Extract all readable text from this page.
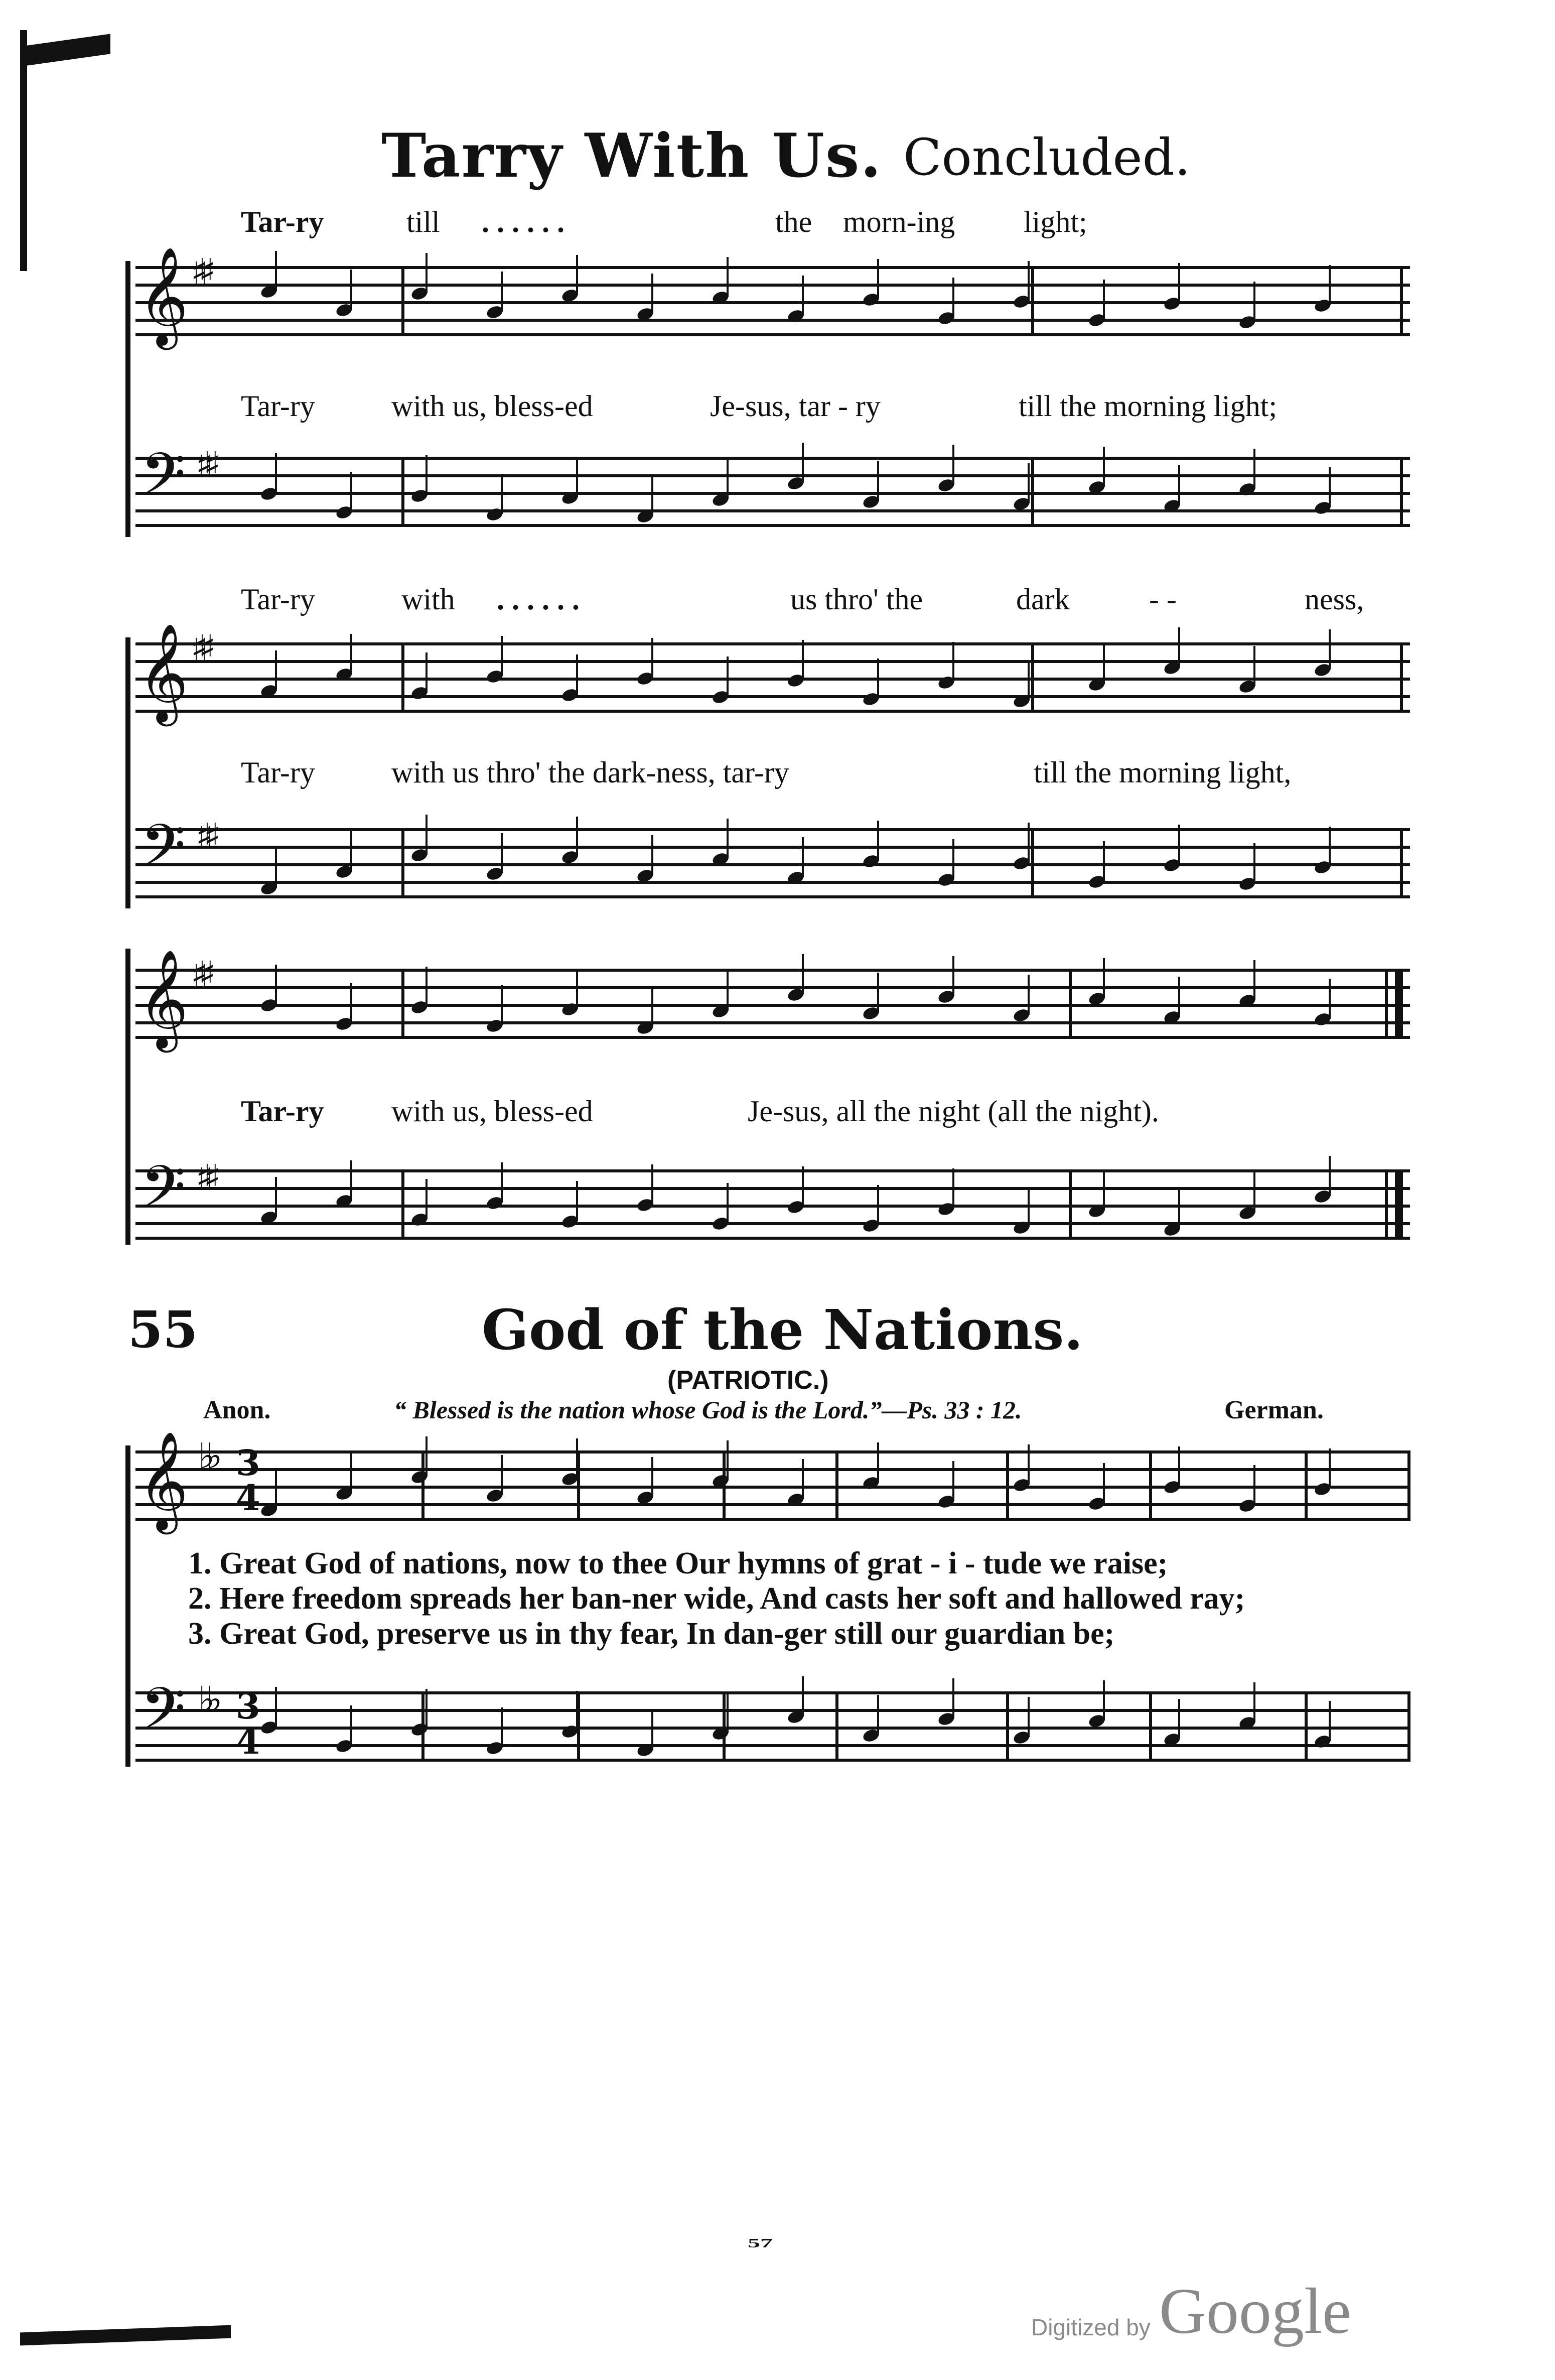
Tarry With Us. Concluded.
Tar-ry	till . . . . . .	the morn-ing light;
𝄞 ♯♯
Tar-ry	with us, bless-ed	Je-sus, tar - ry	till the morning light;
𝄢 ♯♯
Tar-ry	with . . . . . .	us thro' the	dark	- -	ness,
𝄞 ♯♯
Tar-ry	with us thro' the dark-ness, tar-ry	till the morning light,
𝄢 ♯♯
𝄞 ♯♯
Tar-ry with us, bless-ed	Je-sus, all the night (all the night).
𝄢 ♯♯
55	God of the Nations.
(PATRIOTIC.)
Anon.	“ Blessed is the nation whose God is the Lord.”—Ps. 33 : 12.	German.
𝄞 ♭♭ 3
4
1. Great God of nations, now to thee Our hymns of grat - i - tude we raise;
2. Here freedom spreads her ban-ner wide, And casts her soft and hallowed ray;
3. Great God, preserve us in thy fear, In dan-ger still our guardian be;
𝄢 ♭♭ 3
4
57
Digitized by Google
